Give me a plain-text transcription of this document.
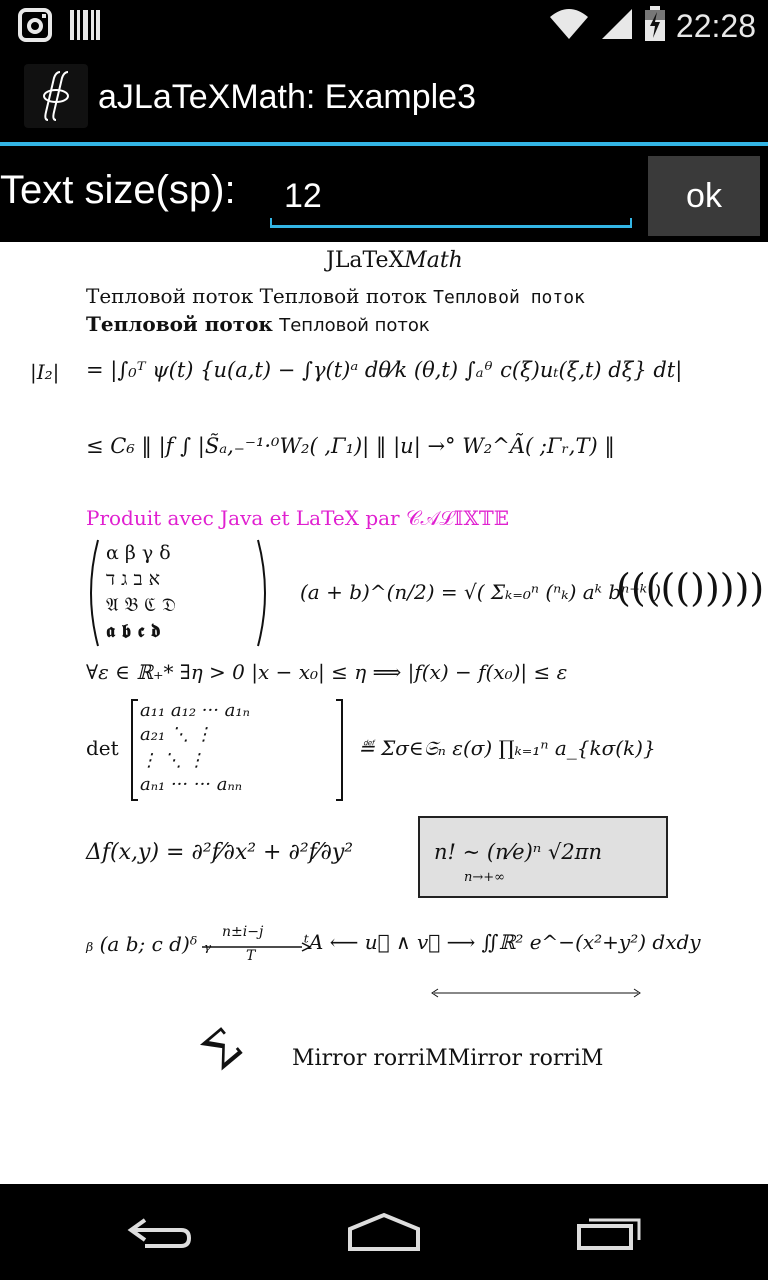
22:28
aJLaTeXMath: Example3
Text size(sp):
12	ok
JLaTeXMath
Тепловой поток Тепловой поток Тепловой поток
Тепловой поток Тепловой поток
|I₂| = |∫₀ᵀ ψ(t) {u(a,t) − ∫γ(t)ᵃ dθ⁄k (θ,t) ∫ₐᶿ c(ξ)uₜ(ξ,t) dξ} dt|
≤ C₆ ‖ |f ∫ |S̃ₐ,₋⁻¹·⁰W₂( ,Γ₁)| ‖ |u| →° W₂^Ã( ;Γᵣ,T) ‖
Produit avec Java et LaTeX par 𝒞𝒜ℒ𝕀𝕏𝕋𝔼
α β γ δ
א ב ג ד
𝔄 𝔅 ℭ 𝔇
𝖆 𝖇 𝖈 𝖉
(a + b)^(n/2) = √( Σₖ₌₀ⁿ (ⁿₖ) aᵏ bⁿ⁻ᵏ )
((((()))))
∀ε ∈ ℝ₊* ∃η > 0 |x − x₀| ≤ η ⟹ |f(x) − f(x₀)| ≤ ε
det
a₁₁ a₁₂ ··· a₁ₙ
a₂₁ ⋱ ⋮
⋮ ⋱ ⋮
aₙ₁ ··· ··· aₙₙ
≝ Σσ∈𝔖ₙ ε(σ) ∏ₖ₌₁ⁿ a_{kσ(k)}
Δf(x,y) = ∂²f⁄∂x² + ∂²f⁄∂y²	n! ∼ (n⁄e)ⁿ √2πn
n→+∞
ᵦ (a b; c d)ᵟ ᵧ n±i−j
T
ᵗA ⟵ u⃗ ∧ v⃗ ⟶ ∬ℝ² e^−(x²+y²) dxdy
Σ Mirror rorriMMirror rorriM
